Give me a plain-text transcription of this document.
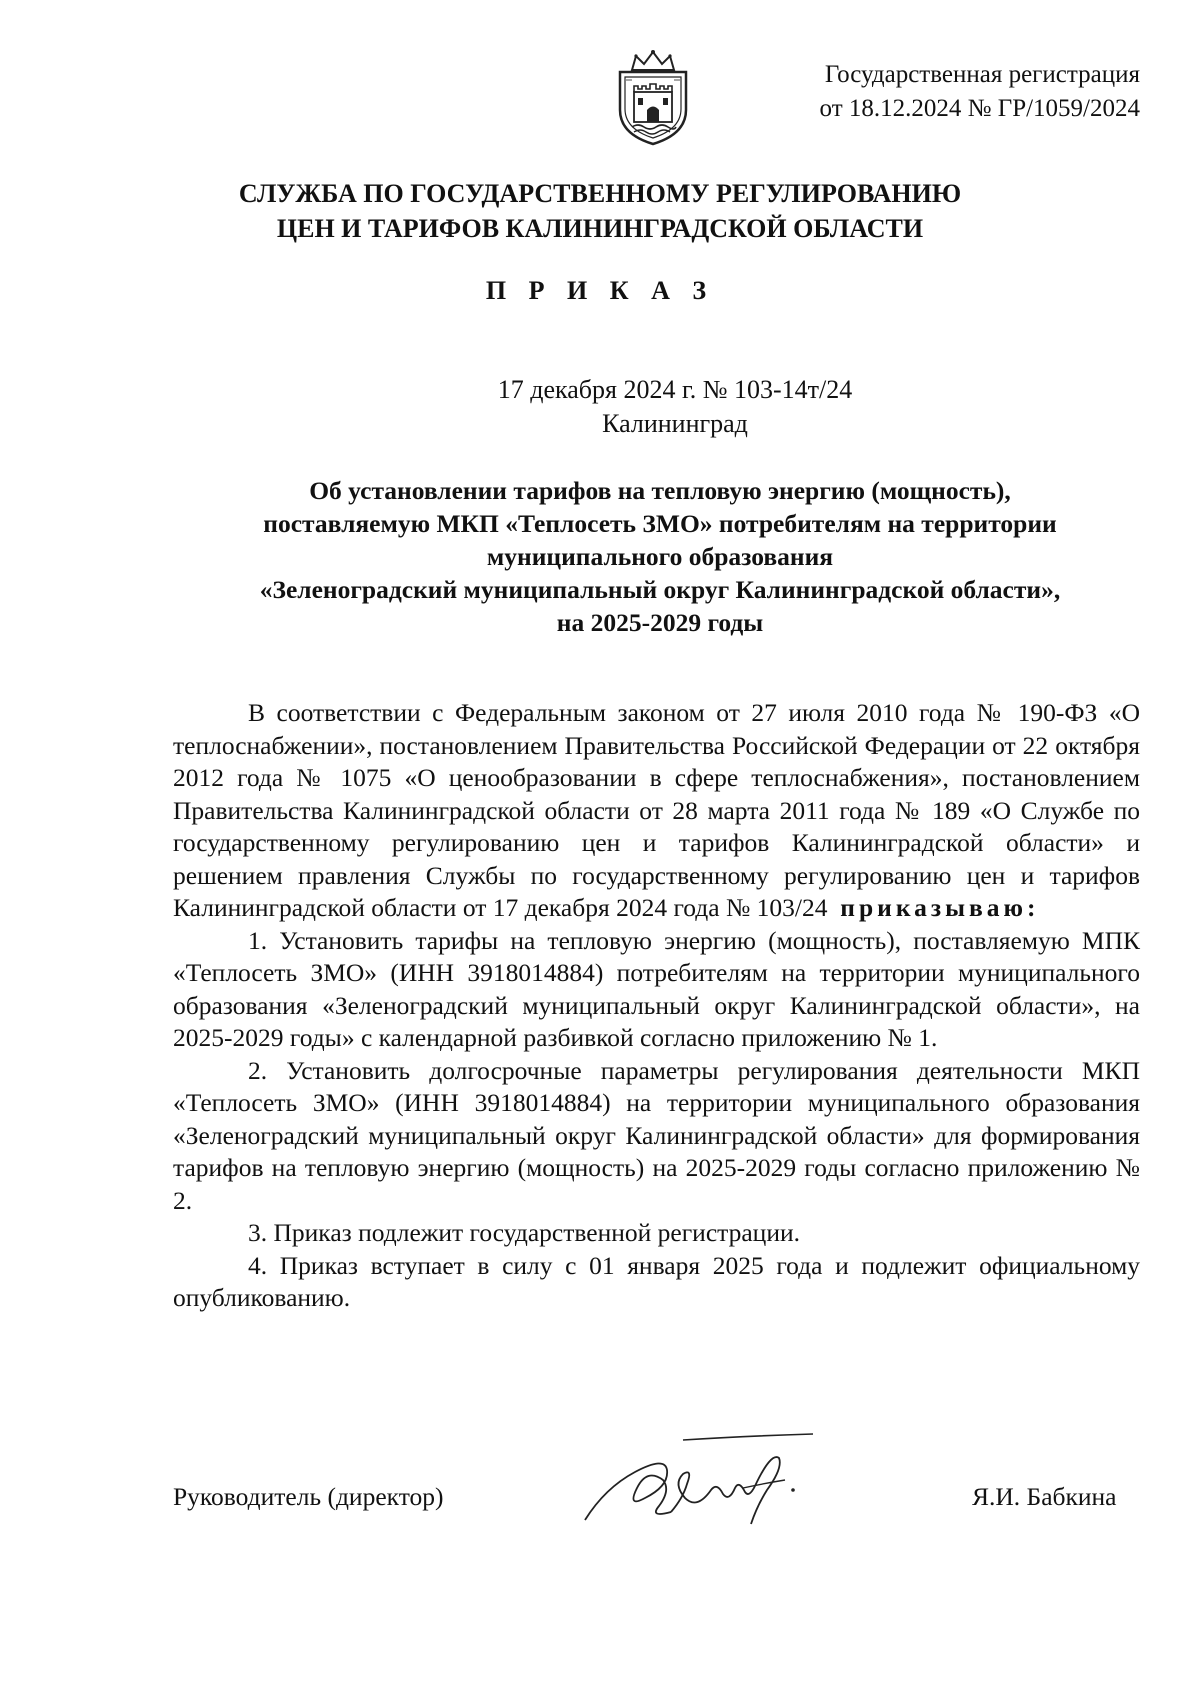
Государственная регистрация
от 18.12.2024 № ГР/1059/2024
СЛУЖБА ПО ГОСУДАРСТВЕННОМУ РЕГУЛИРОВАНИЮ
ЦЕН И ТАРИФОВ КАЛИНИНГРАДСКОЙ ОБЛАСТИ
П Р И К А З
17 декабря 2024 г. № 103-14т/24
Калининград
Об установлении тарифов на тепловую энергию (мощность),
поставляемую МКП «Теплосеть ЗМО» потребителям на территории
муниципального образования
«Зеленоградский муниципальный округ Калининградской области»,
на 2025-2029 годы

В соответствии с Федеральным законом от 27 июля 2010 года № 190-ФЗ «О теплоснабжении», постановлением Правительства Российской Федерации от 22 октября 2012 года № 1075 «О ценообразовании в сфере теплоснабжения», постановлением Правительства Калининградской области от 28 марта 2011 года № 189 «О Службе по государственному регулированию цен и тарифов Калининградской области» и решением правления Службы по государственному регулированию цен и тарифов Калининградской области от 17 декабря 2024 года № 103/24 приказываю:

1. Установить тарифы на тепловую энергию (мощность), поставляемую МПК «Теплосеть ЗМО» (ИНН 3918014884) потребителям на территории муниципального образования «Зеленоградский муниципальный округ Калининградской области», на 2025-2029 годы» с календарной разбивкой согласно приложению № 1.

2. Установить долгосрочные параметры регулирования деятельности МКП «Теплосеть ЗМО» (ИНН 3918014884) на территории муниципального образования «Зеленоградский муниципальный округ Калининградской области» для формирования тарифов на тепловую энергию (мощность) на 2025-2029 годы согласно приложению № 2.

3. Приказ подлежит государственной регистрации.

4. Приказ вступает в силу с 01 января 2025 года и подлежит официальному опубликованию.

Руководитель (директор)	Я.И. Бабкина
